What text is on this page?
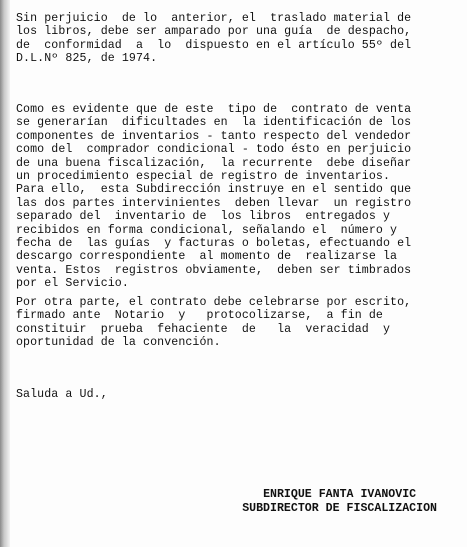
Sin perjuicio  de lo  anterior, el  traslado material de
los libros, debe ser amparado por una guía  de despacho,
de  conformidad  a  lo  dispuesto en el artículo 55º del
D.L.Nº 825, de 1974.
Como es evidente que de este  tipo de  contrato de venta
se generarían  dificultades en  la identificación de los
componentes de inventarios - tanto respecto del vendedor
como del  comprador condicional - todo ésto en perjuicio
de una buena fiscalización,  la recurrente  debe diseñar
un procedimiento especial de registro de inventarios.
Para ello,  esta Subdirección instruye en el sentido que
las dos partes intervinientes  deben llevar  un registro
separado del  inventario de  los libros  entregados y
recibidos en forma condicional, señalando el  número y
fecha de  las guías  y facturas o boletas, efectuando el
descargo correspondiente  al momento de  realizarse la
venta. Estos  registros obviamente,  deben ser timbrados
por el Servicio.
Por otra parte, el contrato debe celebrarse por escrito,
firmado ante  Notario  y   protocolizarse,  a fin de
constituir  prueba  fehaciente  de   la  veracidad  y
oportunidad de la convención.
Saluda a Ud.,
ENRIQUE FANTA IVANOVIC
SUBDIRECTOR DE FISCALIZACION
